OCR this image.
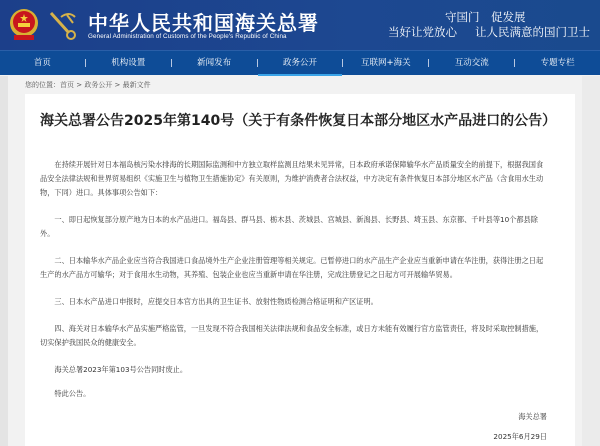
中华人民共和国海关总署
General Administration of Customs of the People's Republic of China
守国门　促发展
当好让党放心 让人民满意的国门卫士
首页	机构设置	新闻发布	政务公开	互联网+海关	互动交流	专题专栏
您的位置：首页 > 政务公开 > 最新文件
海关总署公告2025年第140号（关于有条件恢复日本部分地区水产品进口的公告）

在持续开展针对日本福岛核污染水排海的长期国际监测和中方独立取样监测且结果未见异常，日本政府承诺保障输华水产品质量安全的前提下，根据我国食品安全法律法规和世界贸易组织《实施卫生与植物卫生措施协定》有关原则，为维护消费者合法权益，中方决定有条件恢复日本部分地区水产品（含食用水生动物，下同）进口。具体事项公告如下：

一、即日起恢复部分原产地为日本的水产品进口。福岛县、群马县、栃木县、茨城县、宫城县、新潟县、长野县、埼玉县、东京都、千叶县等10个都县除外。

二、日本输华水产品企业应当符合我国进口食品境外生产企业注册管理等相关规定。已暂停进口的水产品生产企业应当重新申请在华注册，获得注册之日起生产的水产品方可输华；对于食用水生动物，其养殖、包装企业也应当重新申请在华注册，完成注册登记之日起方可开展输华贸易。

三、日本水产品进口申报时，应提交日本官方出具的卫生证书、放射性物质检测合格证明和产区证明。

四、海关对日本输华水产品实施严格监管，一旦发现不符合我国相关法律法规和食品安全标准，或日方未能有效履行官方监管责任，将及时采取控制措施，切实保护我国民众的健康安全。

海关总署2023年第103号公告同时废止。

特此公告。

海关总署
2025年6月29日
